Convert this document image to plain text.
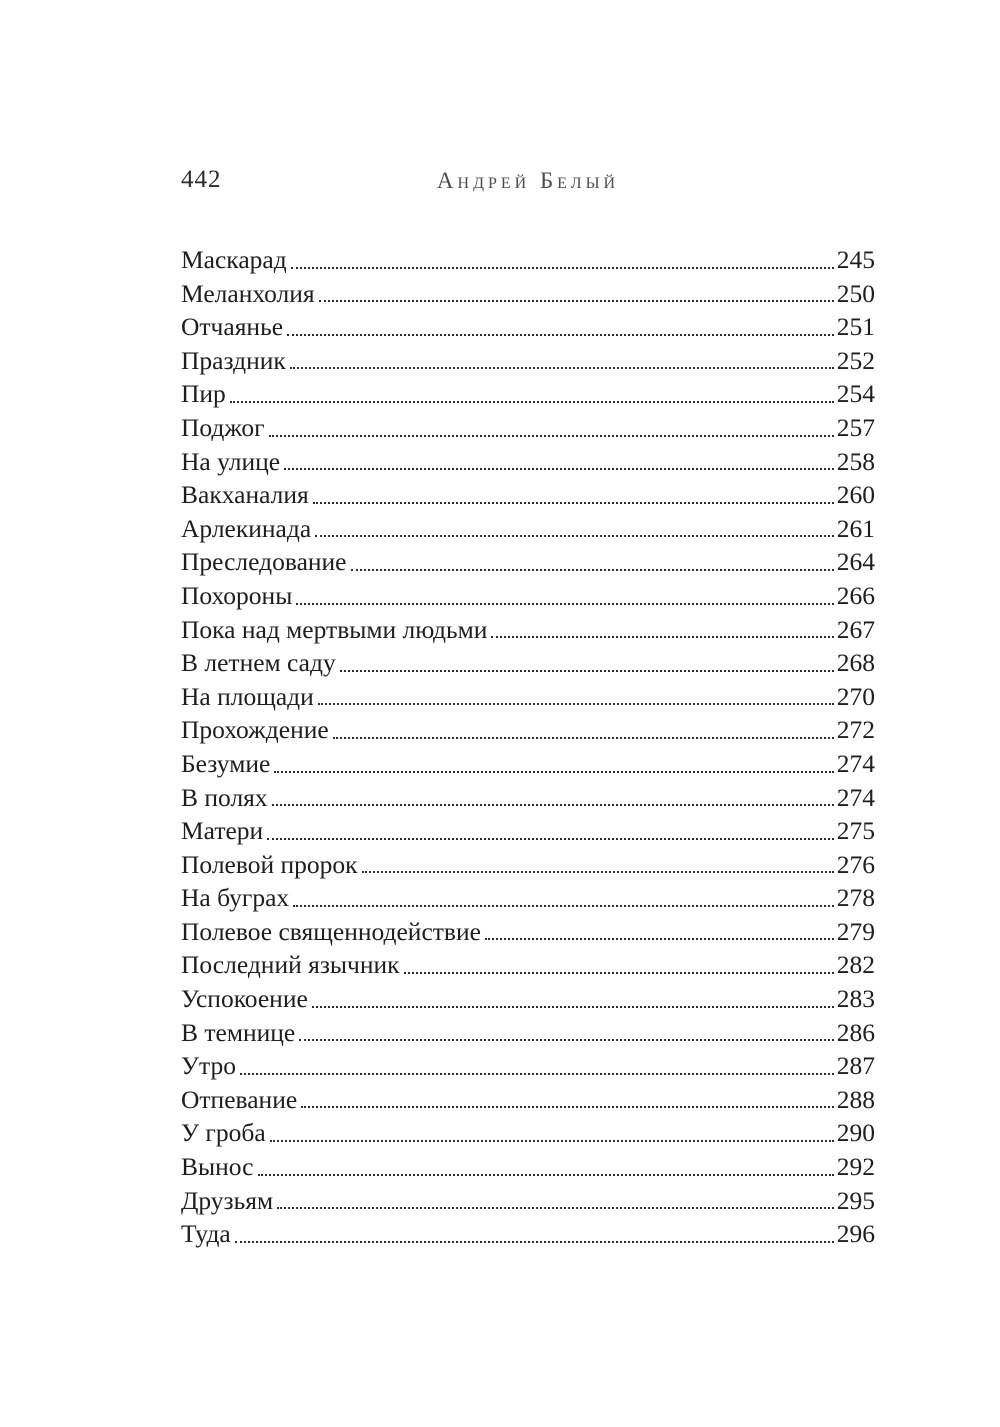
442	Андрей Белый
Маскарад	245
Меланхолия	250
Отчаянье	251
Праздник	252
Пир	254
Поджог	257
На улице	258
Вакханалия	260
Арлекинада	261
Преследование	264
Похороны	266
Пока над мертвыми людьми	267
В летнем саду	268
На площади	270
Прохождение	272
Безумие	274
В полях	274
Матери	275
Полевой пророк	276
На буграх	278
Полевое священнодействие	279
Последний язычник	282
Успокоение	283
В темнице	286
Утро	287
Отпевание	288
У гроба	290
Вынос	292
Друзьям	295
Туда	296
